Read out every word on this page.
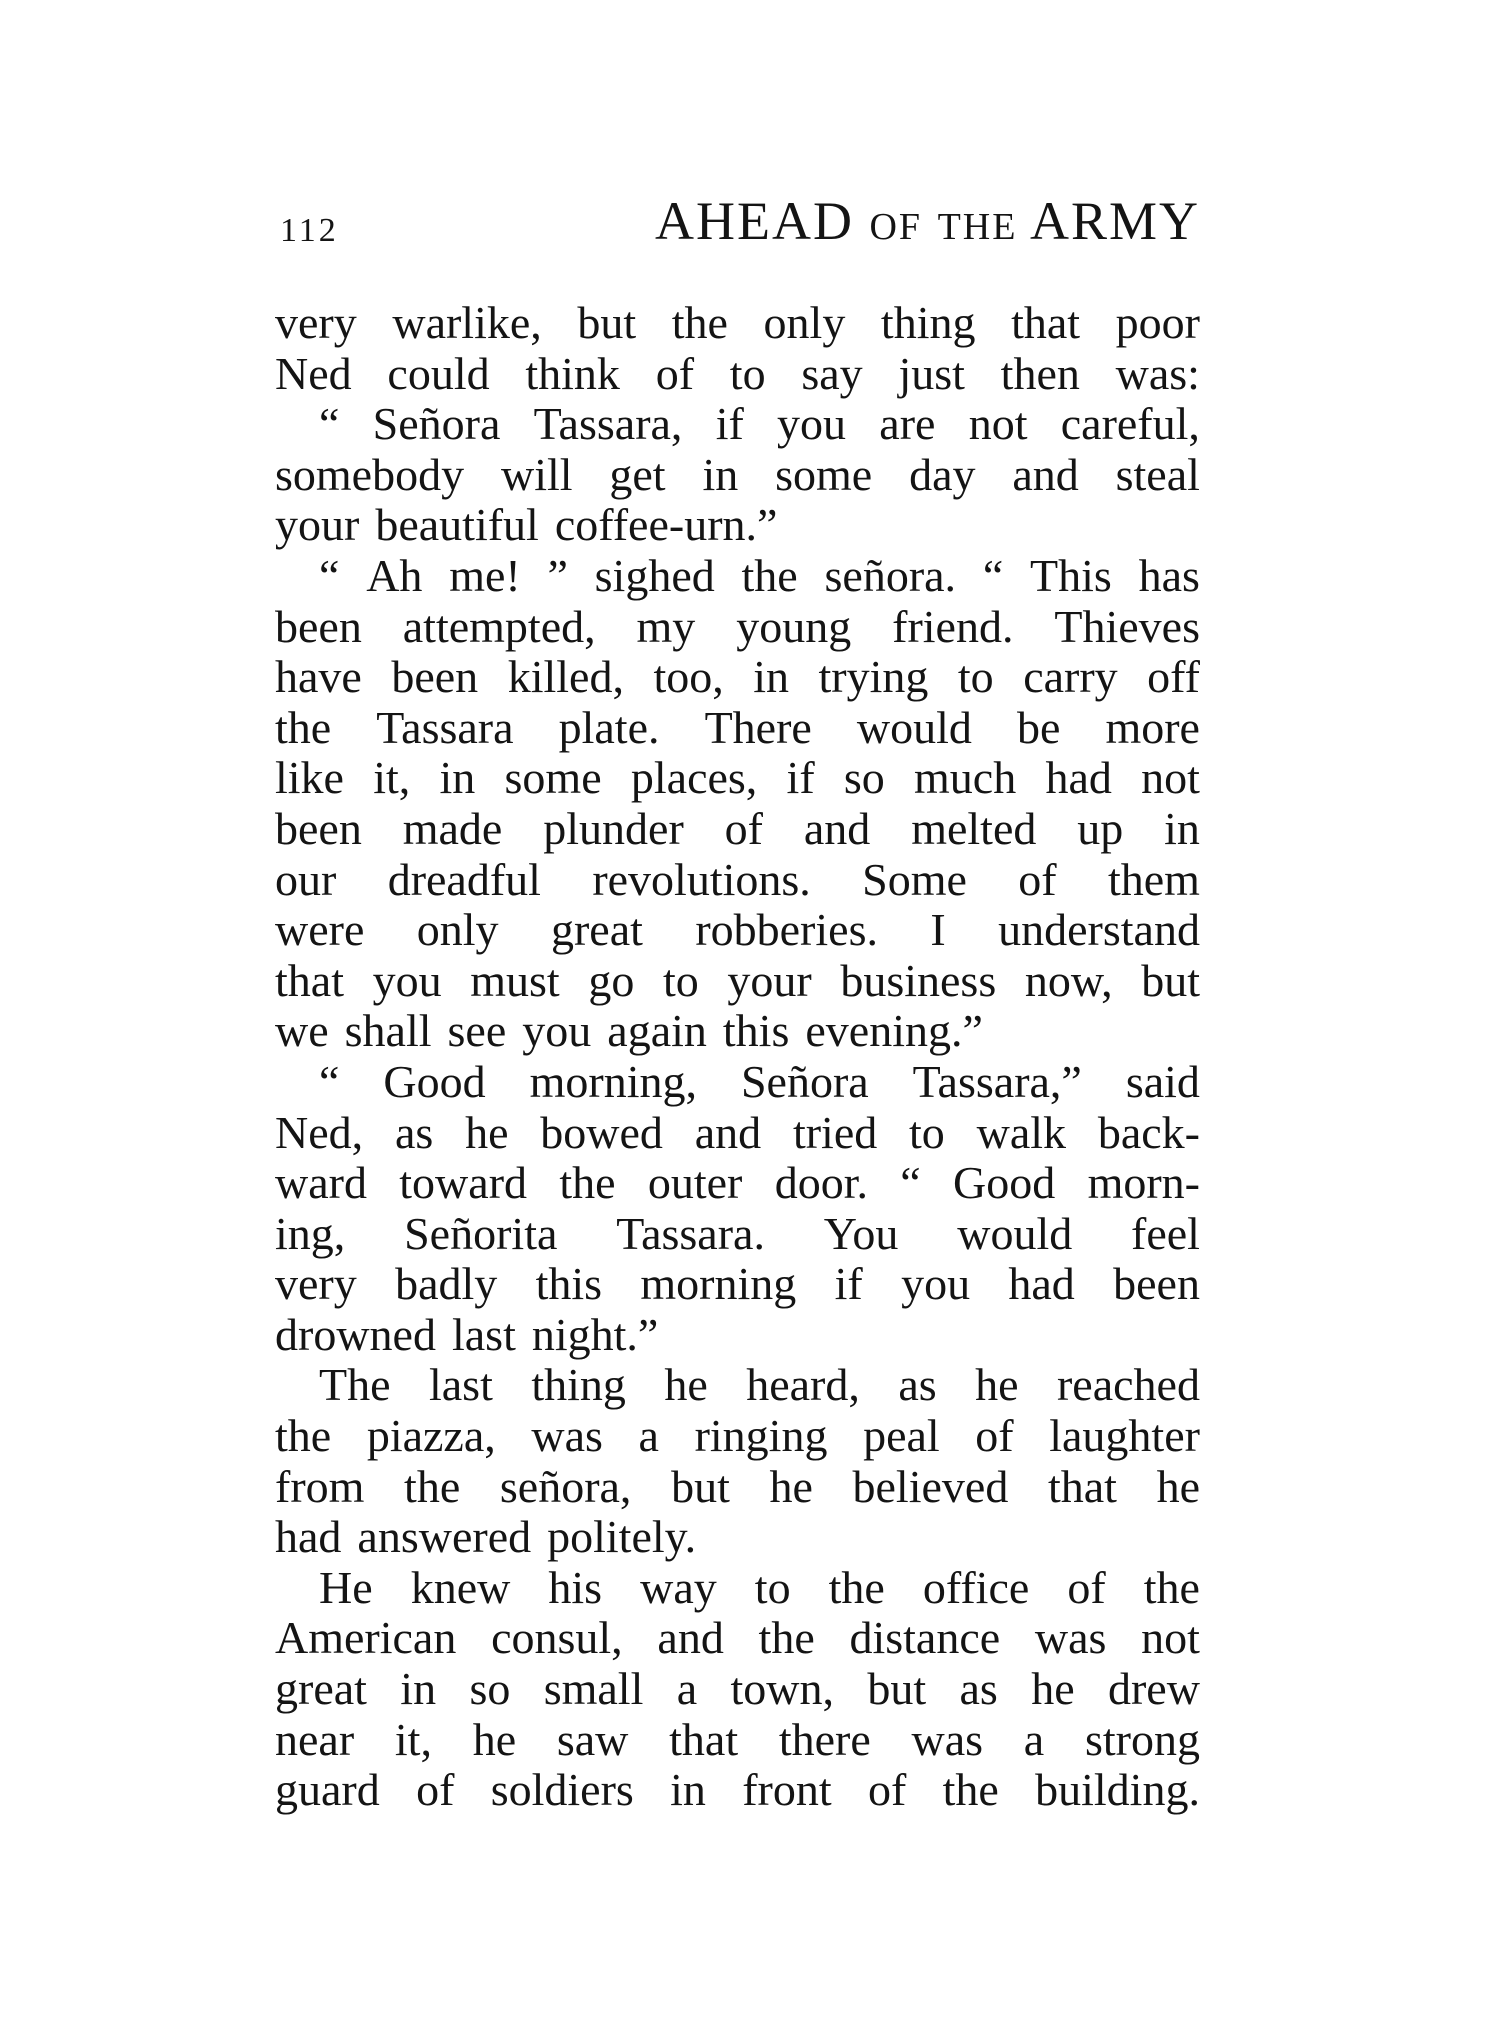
112	AHEAD OF THE ARMY
very warlike, but the only thing that poor
Ned could think of to say just then was:
“ Señora Tassara, if you are not careful,
somebody will get in some day and steal
your beautiful coffee-urn.”
“ Ah me! ” sighed the señora. “ This has
been attempted, my young friend. Thieves
have been killed, too, in trying to carry off
the Tassara plate. There would be more
like it, in some places, if so much had not
been made plunder of and melted up in
our dreadful revolutions. Some of them
were only great robberies. I understand
that you must go to your business now, but
we shall see you again this evening.”
“ Good morning, Señora Tassara,” said
Ned, as he bowed and tried to walk back-
ward toward the outer door. “ Good morn-
ing, Señorita Tassara. You would feel
very badly this morning if you had been
drowned last night.”
The last thing he heard, as he reached
the piazza, was a ringing peal of laughter
from the señora, but he believed that he
had answered politely.
He knew his way to the office of the
American consul, and the distance was not
great in so small a town, but as he drew
near it, he saw that there was a strong
guard of soldiers in front of the building.
